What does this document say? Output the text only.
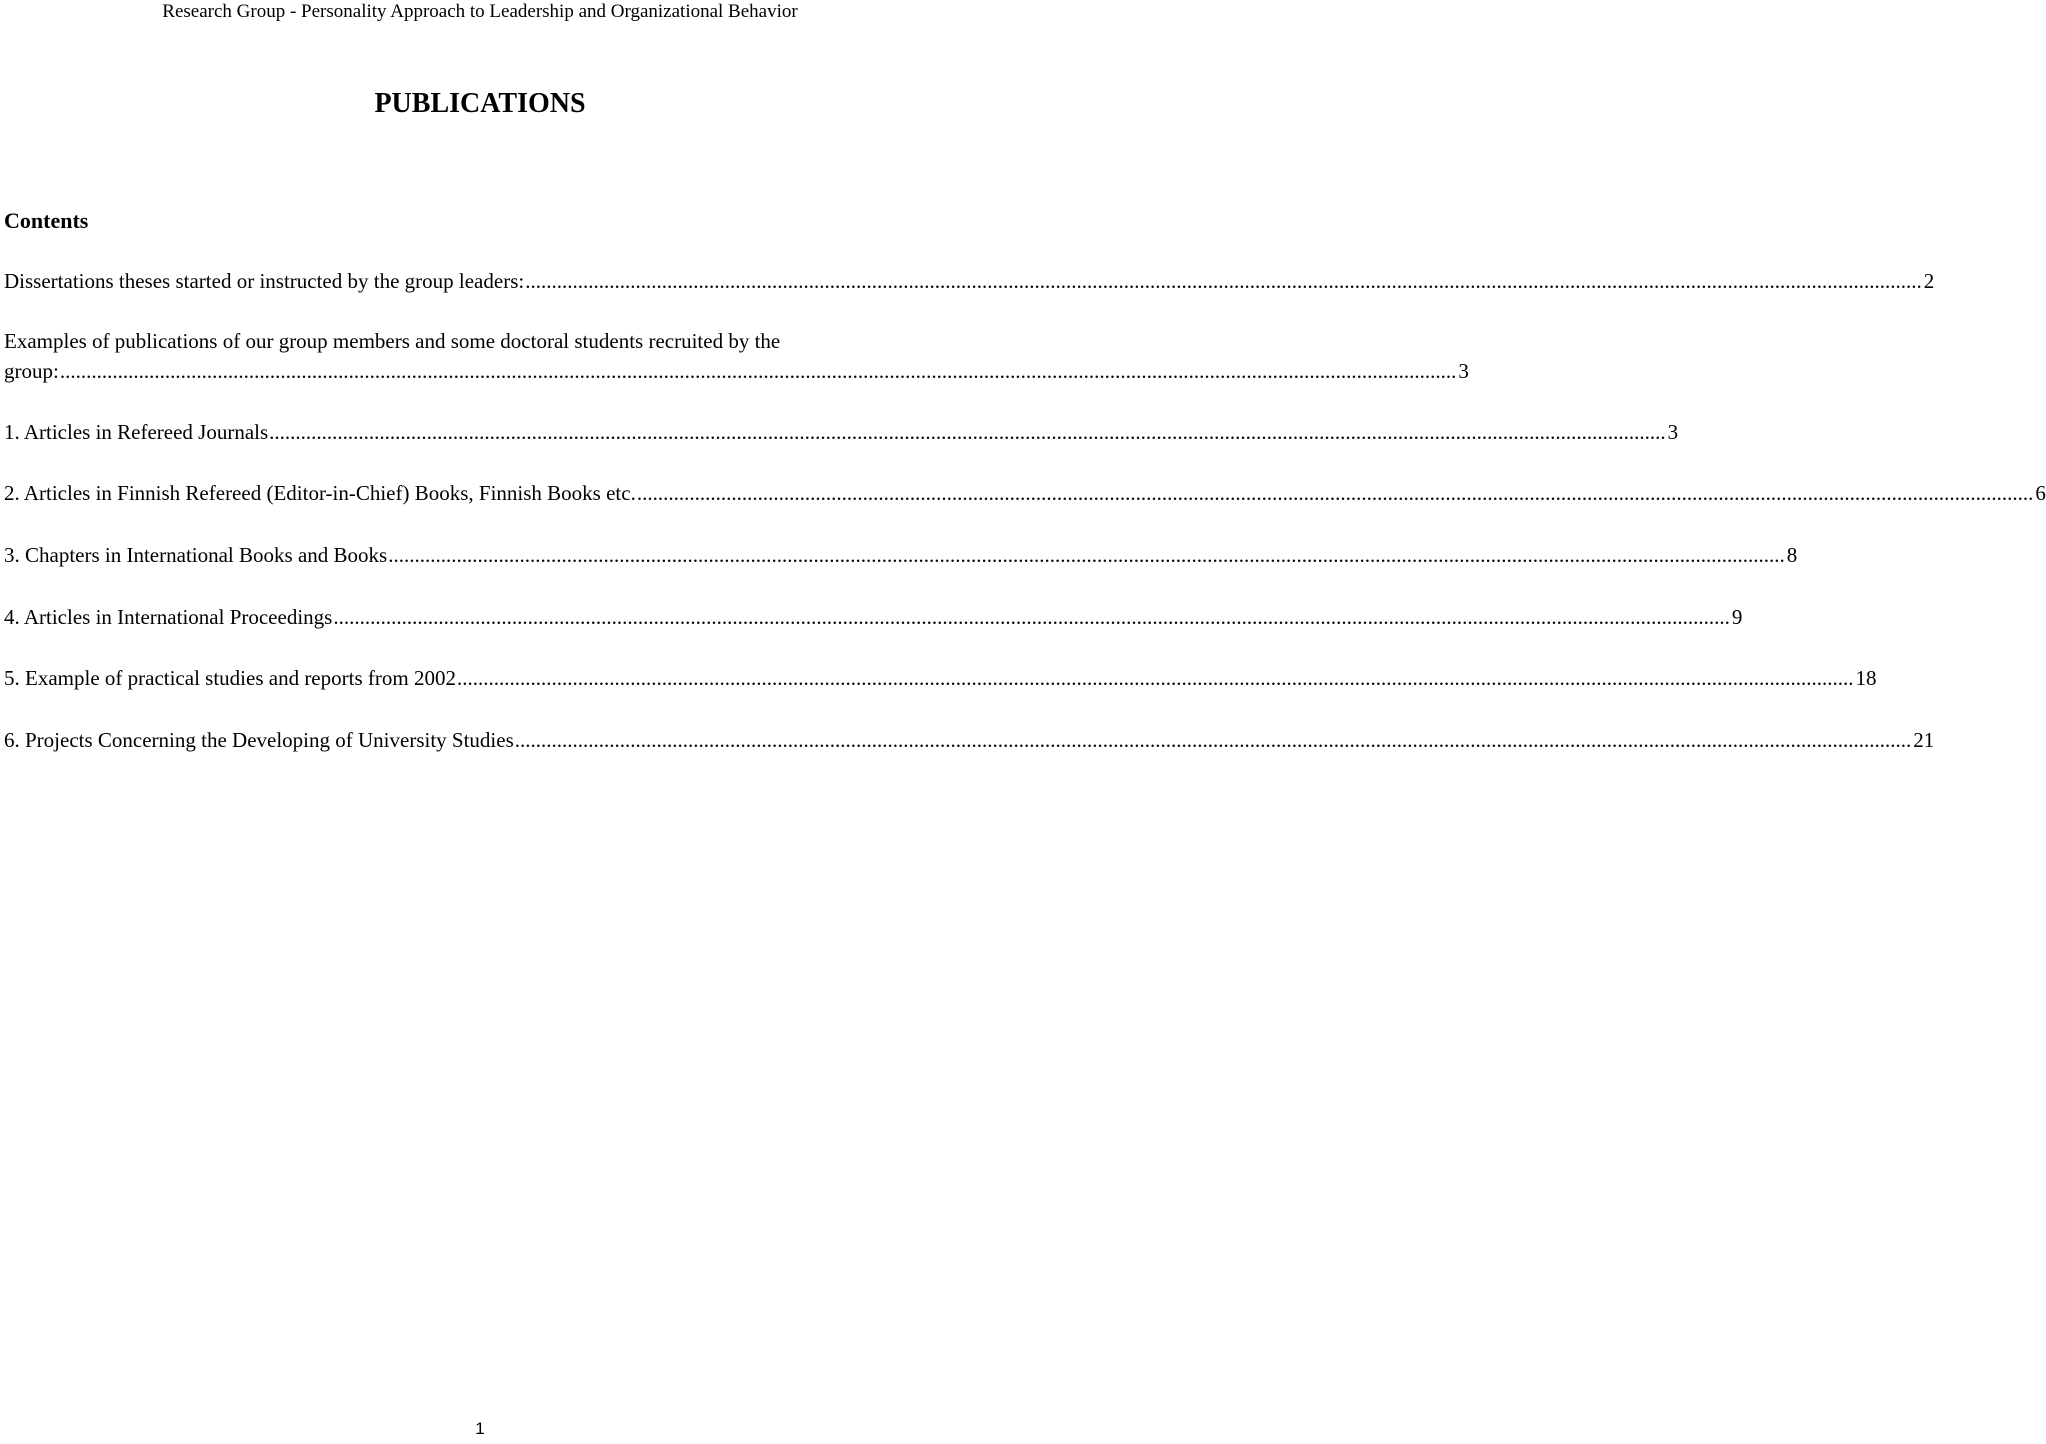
Research Group - Personality Approach to Leadership and Organizational Behavior
PUBLICATIONS
Contents
Dissertations theses started or instructed by the group leaders: .....	2
Examples of publications of our group members and some doctoral students recruited by the
group: .....	3
1. Articles in Refereed Journals .....	3
2. Articles in Finnish Refereed (Editor-in-Chief) Books, Finnish Books etc. .....	6
3. Chapters in International Books and Books .....	8
4. Articles in International Proceedings .....	9
5. Example of practical studies and reports from 2002 .....	18
6. Projects Concerning the Developing of University Studies .....	21
1
